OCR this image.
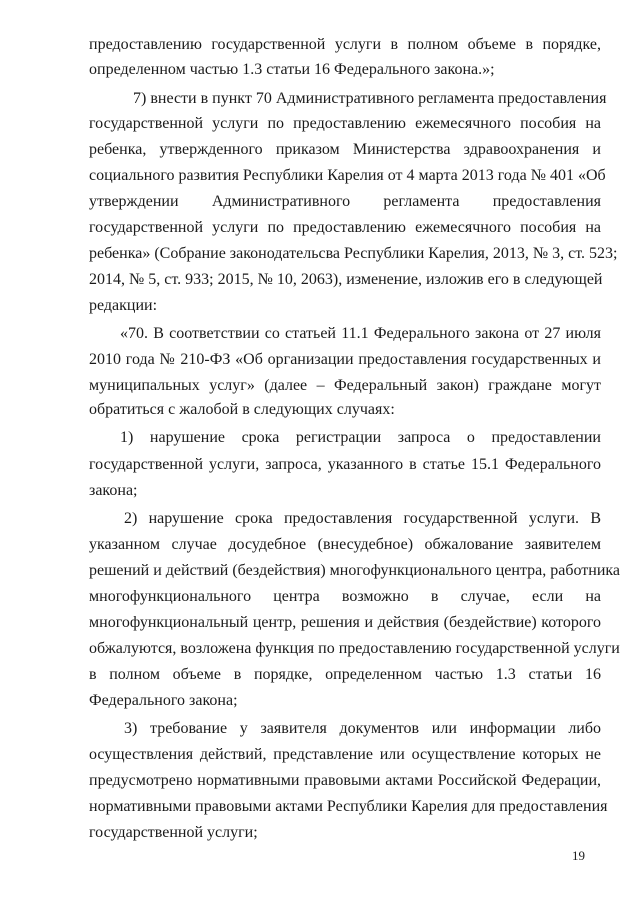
предоставлению государственной услуги в полном объеме в порядке,
определенном частью 1.3 статьи 16 Федерального закона.»;
7) внести в пункт 70 Административного регламента предоставления
государственной услуги по предоставлению ежемесячного пособия на
ребенка, утвержденного приказом Министерства здравоохранения и
социального развития Республики Карелия от 4 марта 2013 года № 401 «Об
утверждении Административного регламента предоставления
государственной услуги по предоставлению ежемесячного пособия на
ребенка» (Собрание законодательсва Республики Карелия, 2013, № 3, ст. 523;
2014, № 5, ст. 933; 2015, № 10, 2063), изменение, изложив его в следующей
редакции:
«70. В соответствии со статьей 11.1 Федерального закона от 27 июля
2010 года № 210-ФЗ «Об организации предоставления государственных и
муниципальных услуг» (далее – Федеральный закон) граждане могут
обратиться с жалобой в следующих случаях:
1) нарушение срока регистрации запроса о предоставлении
государственной услуги, запроса, указанного в статье 15.1 Федерального
закона;
2) нарушение срока предоставления государственной услуги. В
указанном случае досудебное (внесудебное) обжалование заявителем
решений и действий (бездействия) многофункционального центра, работника
многофункционального центра возможно в случае, если на
многофункциональный центр, решения и действия (бездействие) которого
обжалуются, возложена функция по предоставлению государственной услуги
в полном объеме в порядке, определенном частью 1.3 статьи 16
Федерального закона;
3) требование у заявителя документов или информации либо
осуществления действий, представление или осуществление которых не
предусмотрено нормативными правовыми актами Российской Федерации,
нормативными правовыми актами Республики Карелия для предоставления
государственной услуги;
19
